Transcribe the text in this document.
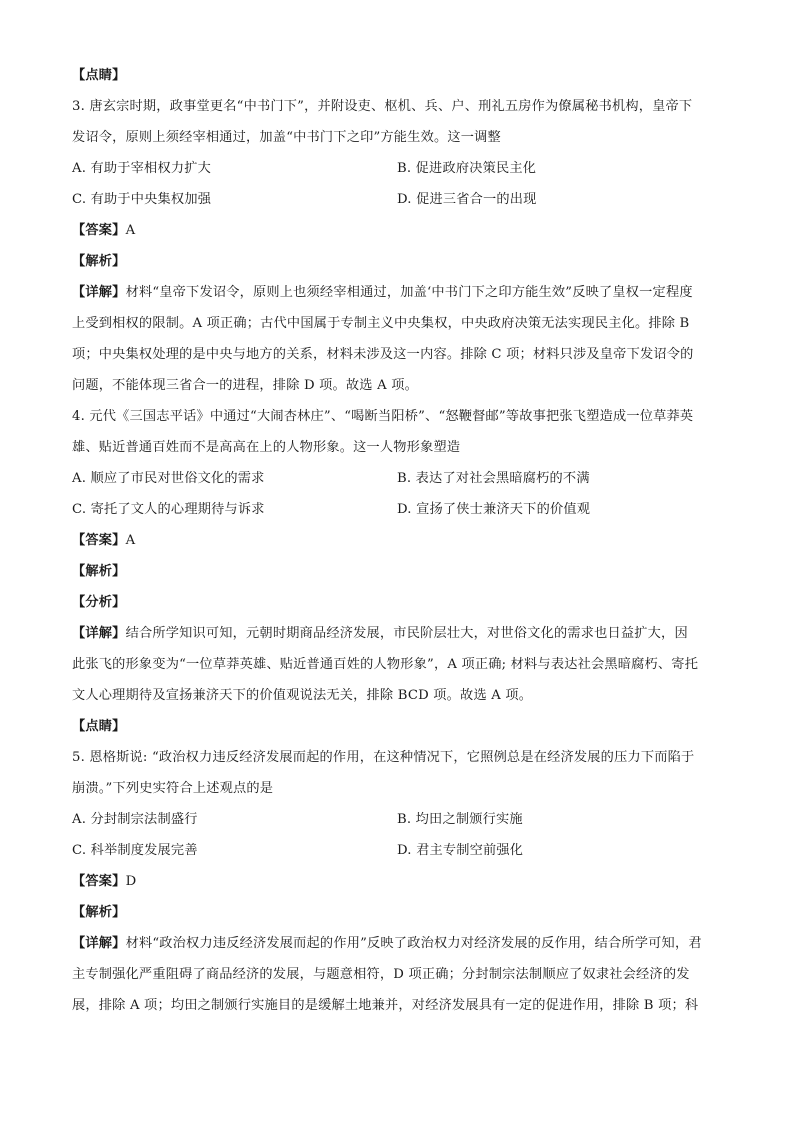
【点睛】
3. 唐玄宗时期，政事堂更名“中书门下”，并附设吏、枢机、兵、户、刑礼五房作为僚属秘书机构，皇帝下
发诏令，原则上须经宰相通过，加盖“中书门下之印”方能生效。这一调整
A. 有助于宰相权力扩大	B. 促进政府决策民主化
C. 有助于中央集权加强	D. 促进三省合一的出现
【答案】A
【解析】
【详解】材料“皇帝下发诏令，原则上也须经宰相通过，加盖‘中书门下之印方能生效”反映了皇权一定程度
上受到相权的限制。A 项正确；古代中国属于专制主义中央集权，中央政府决策无法实现民主化。排除 B
项；中央集权处理的是中央与地方的关系，材料未涉及这一内容。排除 C 项；材料只涉及皇帝下发诏令的
问题，不能体现三省合一的进程，排除 D 项。故选 A 项。
4. 元代《三国志平话》中通过“大闹杏林庄”、“喝断当阳桥”、“怒鞭督邮”等故事把张飞塑造成一位草莽英
雄、贴近普通百姓而不是高高在上的人物形象。这一人物形象塑造
A. 顺应了市民对世俗文化的需求	B. 表达了对社会黑暗腐朽的不满
C. 寄托了文人的心理期待与诉求	D. 宣扬了侠士兼济天下的价值观
【答案】A
【解析】
【分析】
【详解】结合所学知识可知，元朝时期商品经济发展，市民阶层壮大，对世俗文化的需求也日益扩大，因
此张飞的形象变为“一位草莽英雄、贴近普通百姓的人物形象”，A 项正确; 材料与表达社会黑暗腐朽、寄托
文人心理期待及宣扬兼济天下的价值观说法无关，排除 BCD 项。故选 A 项。
【点睛】
5. 恩格斯说: “政治权力违反经济发展而起的作用，在这种情况下，它照例总是在经济发展的压力下而陷于
崩溃。”下列史实符合上述观点的是
A. 分封制宗法制盛行	B. 均田之制颁行实施
C. 科举制度发展完善	D. 君主专制空前强化
【答案】D
【解析】
【详解】材料“政治权力违反经济发展而起的作用”反映了政治权力对经济发展的反作用，结合所学可知，君
主专制强化严重阻碍了商品经济的发展，与题意相符，D 项正确；分封制宗法制顺应了奴隶社会经济的发
展，排除 A 项；均田之制颁行实施目的是缓解土地兼并，对经济发展具有一定的促进作用，排除 B 项；科
